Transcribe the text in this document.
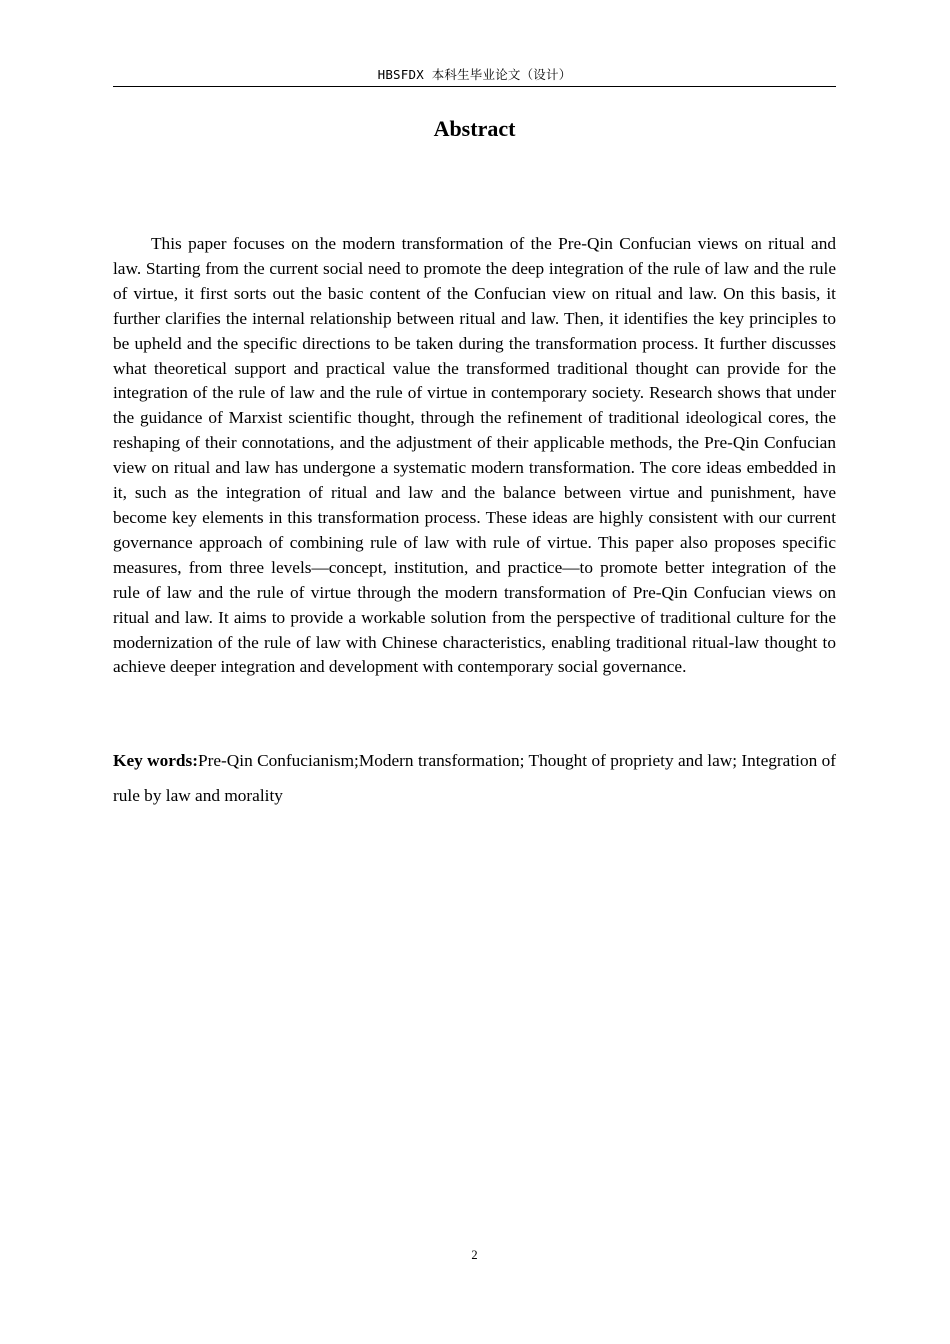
HBSFDX 本科生毕业论文（设计）
Abstract

This paper focuses on the modern transformation of the Pre-Qin Confucian views on ritual and law. Starting from the current social need to promote the deep integration of the rule of law and the rule of virtue, it first sorts out the basic content of the Confucian view on ritual and law. On this basis, it further clarifies the internal relationship between ritual and law. Then, it identifies the key principles to be upheld and the specific directions to be taken during the transformation process. It further discusses what theoretical support and practical value the transformed traditional thought can provide for the integration of the rule of law and the rule of virtue in contemporary society. Research shows that under the guidance of Marxist scientific thought, through the refinement of traditional ideological cores, the reshaping of their connotations, and the adjustment of their applicable methods, the Pre-Qin Confucian view on ritual and law has undergone a systematic modern transformation. The core ideas embedded in it, such as the integration of ritual and law and the balance between virtue and punishment, have become key elements in this transformation process. These ideas are highly consistent with our current governance approach of combining rule of law with rule of virtue. This paper also proposes specific measures, from three levels—concept, institution, and practice—to promote better integration of the rule of law and the rule of virtue through the modern transformation of Pre-Qin Confucian views on ritual and law. It aims to provide a workable solution from the perspective of traditional culture for the modernization of the rule of law with Chinese characteristics, enabling traditional ritual-law thought to achieve deeper integration and development with contemporary social governance.

Key words:Pre-Qin Confucianism;Modern transformation; Thought of propriety and law; Integration of rule by law and morality

2
